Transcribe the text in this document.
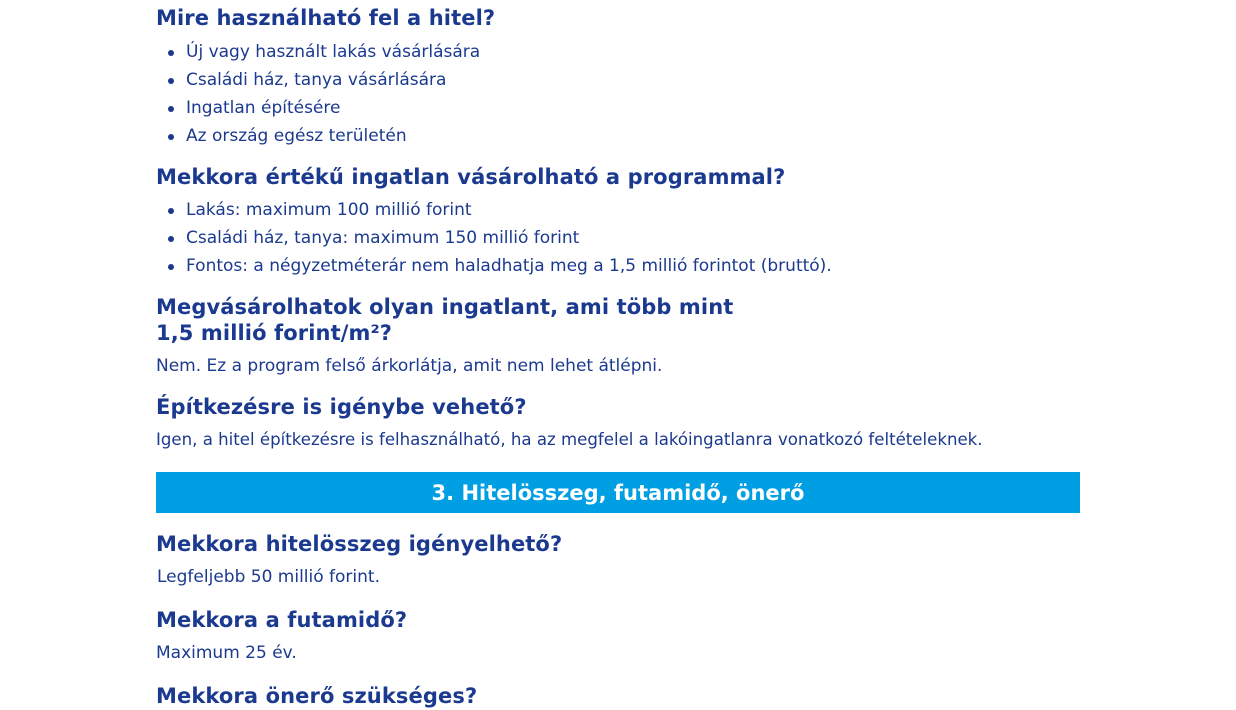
Mire használható fel a hitel?
Új vagy használt lakás vásárlására
Családi ház, tanya vásárlására
Ingatlan építésére
Az ország egész területén
Mekkora értékű ingatlan vásárolható a programmal?
Lakás: maximum 100 millió forint
Családi ház, tanya: maximum 150 millió forint
Fontos: a négyzetméterár nem haladhatja meg a 1,5 millió forintot (bruttó).
Megvásárolhatok olyan ingatlant, ami több mint
1,5 millió forint/m²?

Nem. Ez a program felső árkorlátja, amit nem lehet átlépni.

Építkezésre is igénybe vehető?

Igen, a hitel építkezésre is felhasználható, ha az megfelel a lakóingatlanra vonatkozó feltételeknek.

3. Hitelösszeg, futamidő, önerő
Mekkora hitelösszeg igényelhető?

Legfeljebb 50 millió forint.

Mekkora a futamidő?

Maximum 25 év.

Mekkora önerő szükséges?
